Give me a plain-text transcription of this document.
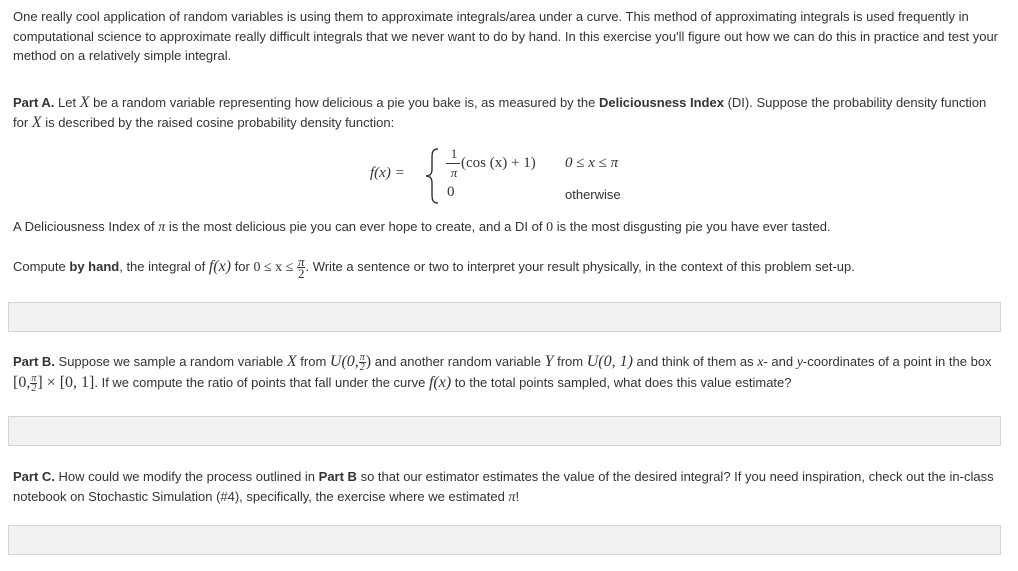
One really cool application of random variables is using them to approximate integrals/area under a curve. This method of approximating integrals is used frequently in computational science to approximate really difficult integrals that we never want to do by hand. In this exercise you'll figure out how we can do this in practice and test your method on a relatively simple integral.
Part A. Let X be a random variable representing how delicious a pie you bake is, as measured by the Deliciousness Index (DI). Suppose the probability density function for X is described by the raised cosine probability density function:
f(x) =
1
π
(cos (x) + 1) 0 ≤ x ≤ π
0	otherwise
A Deliciousness Index of π is the most delicious pie you can ever hope to create, and a DI of 0 is the most disgusting pie you have ever tasted.
Compute by hand, the integral of f(x) for $0 \le x \le \frac{\pi}{2}$ . Write a sentence or two to interpret your result physically, in the context of this problem set-up.
Part B. Suppose we sample a random variable X from U(0, $\frac{\pi}{2}$ ) and another random variable Y from U(0, 1) and think of them as x- and y-coordinates of a point in the box [0, $\frac{\pi}{2}$ ] × [0, 1]. If we compute the ratio of points that fall under the curve f(x) to the total points sampled, what does this value estimate?
Part C. How could we modify the process outlined in Part B so that our estimator estimates the value of the desired integral? If you need inspiration, check out the in-class notebook on Stochastic Simulation (#4), specifically, the exercise where we estimated π!
